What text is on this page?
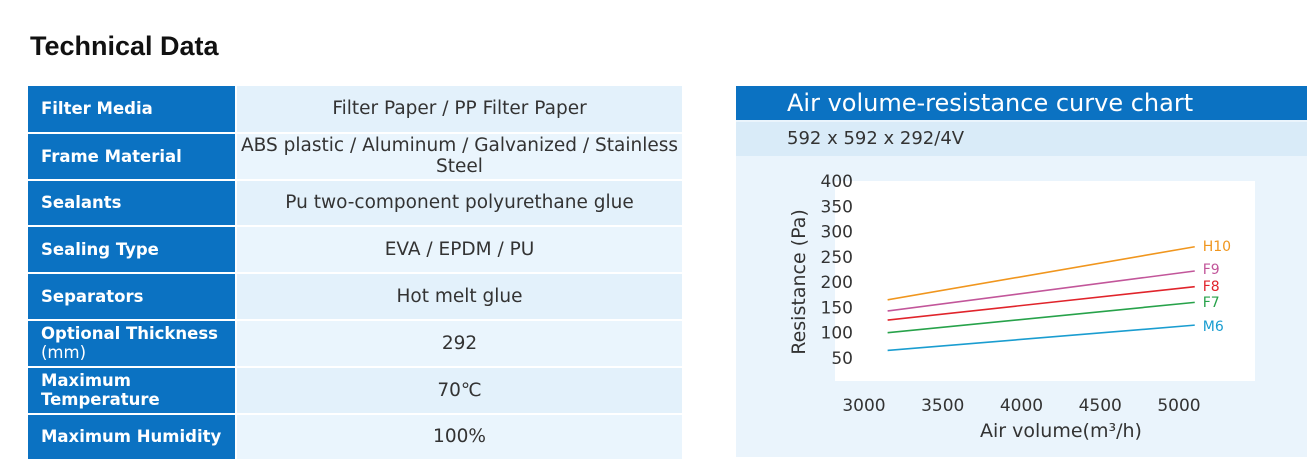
Technical Data
Filter Media	Filter Paper / PP Filter Paper
Frame Material	ABS plastic / Aluminum / Galvanized / Stainless Steel
Sealants	Pu two-component polyurethane glue
Sealing Type	EVA / EPDM / PU
Separators	Hot melt glue
Optional Thickness
(mm)	292
Maximum Temperature	70℃
Maximum Humidity	100%
Air volume-resistance curve chart
592 x 592 x 292/4V
Resistance (Pa)
Air volume(m³/h)
50
100
150
200
250
300
350
400
3000 3500 4000 4500 5000
H10
F9
F8
F7
M6
